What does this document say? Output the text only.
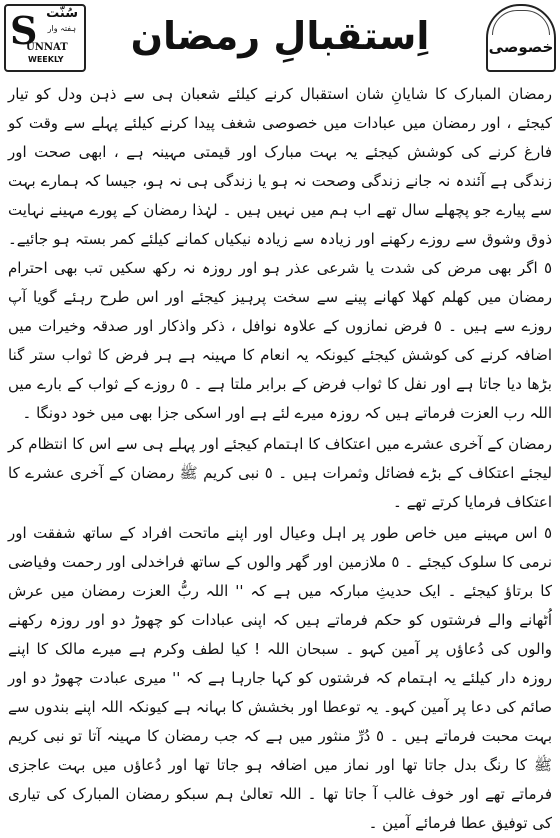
سُنّت
ہفتہ وار
S
UNNAT
WEEKLY
اِستقبالِ رمضان	خصوصی

رمضان المبارک کا شایانِ شان استقبال کرنے کیلئے شعبان ہی سے ذہن ودل کو تیار کیجئے ، اور رمضان میں عبادات میں خصوصی شغف پیدا کرنے کیلئے پہلے سے وقت کو فارغ کرنے کی کوشش کیجئے یہ بہت مبارک اور قیمتی مہینہ ہے ، ابھی صحت اور زندگی ہے آئندہ نہ جانے زندگی وصحت نہ ہو یا زندگی ہی نہ ہو، جیسا کہ ہمارے بہت سے پیارے جو پچھلے سال تھے اب ہم میں نہیں ہیں ۔ لہٰذا رمضان کے پورے مہینے نہایت ذوق وشوق سے روزے رکھنے اور زیادہ سے زیادہ نیکیاں کمانے کیلئے کمر بستہ ہو جائیے۔ ٥ اگر بھی مرض کی شدت یا شرعی عذر ہو اور روزہ نہ رکھ سکیں تب بھی احترام رمضان میں کھلم کھلا کھانے پینے سے سخت پرہیز کیجئے اور اس طرح رہئے گویا آپ روزے سے ہیں ۔ ٥ فرض نمازوں کے علاوہ نوافل ، ذکر واذکار اور صدقہ وخیرات میں اضافہ کرنے کی کوشش کیجئے کیونکہ یہ انعام کا مہینہ ہے ہر فرض کا ثواب ستر گنا بڑھا دیا جاتا ہے اور نفل کا ثواب فرض کے برابر ملتا ہے ۔ ٥ روزے کے ثواب کے بارے میں اللہ رب العزت فرماتے ہیں کہ روزہ میرے لئے ہے اور اسکی جزا بھی میں خود دونگا ۔

رمضان کے آخری عشرے میں اعتکاف کا اہتمام کیجئے اور پہلے ہی سے اس کا انتظام کر لیجئے اعتکاف کے بڑے فضائل وثمرات ہیں ۔ ٥ نبی کریم ﷺ رمضان کے آخری عشرے کا اعتکاف فرمایا کرتے تھے ۔

٥ اس مہینے میں خاص طور پر اہل وعیال اور اپنے ماتحت افراد کے ساتھ شفقت اور نرمی کا سلوک کیجئے ۔ ٥ ملازمین اور گھر والوں کے ساتھ فراخدلی اور رحمت وفیاضی کا برتاؤ کیجئے ۔ ایک حدیثِ مبارکہ میں ہے کہ '' اللہ ربُّ العزت رمضان میں عرش اُٹھانے والے فرشتوں کو حکم فرماتے ہیں کہ اپنی عبادات کو چھوڑ دو اور روزہ رکھنے والوں کی دُعاؤں پر آمین کہو ۔ سبحان اللہ ! کیا لطف وکرم ہے میرے مالک کا اپنے روزہ دار کیلئے یہ اہتمام کہ فرشتوں کو کہا جارہا ہے کہ '' میری عبادت چھوڑ دو اور صائم کی دعا پر آمین کہو۔ یہ توعطا اور بخشش کا بہانہ ہے کیونکہ اللہ اپنے بندوں سے بہت محبت فرماتے ہیں ۔ ٥ دُرِّ منثور میں ہے کہ جب رمضان کا مہینہ آتا تو نبی کریم ﷺ کا رنگ بدل جاتا تھا اور نماز میں اضافہ ہو جاتا تھا اور دُعاؤں میں بہت عاجزی فرماتے تھے اور خوف غالب آ جاتا تھا ۔ اللہ تعالیٰ ہم سبکو رمضان المبارک کی تیاری کی توفیق عطا فرمائے آمین ۔
